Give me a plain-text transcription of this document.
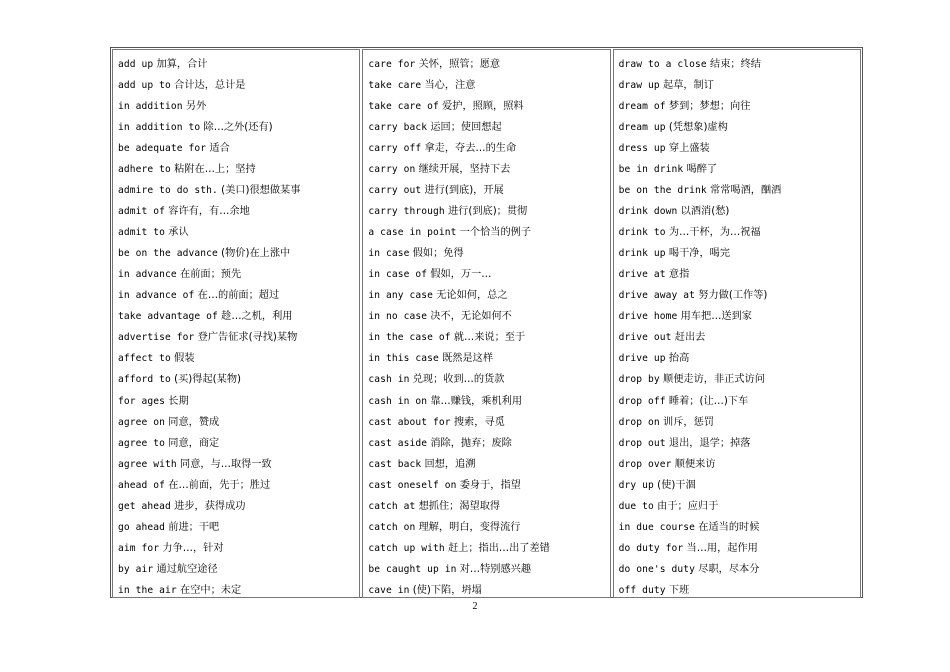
add up 加算，合计
add up to 合计达，总计是
in addition 另外
in addition to 除…之外(还有)
be adequate for 适合
adhere to 粘附在…上；坚持
admire to do sth. (美口)很想做某事
admit of 容许有，有…余地
admit to 承认
be on the advance (物价)在上涨中
in advance 在前面；预先
in advance of 在…的前面；超过
take advantage of 趁…之机，利用
advertise for 登广告征求(寻找)某物
affect to 假装
afford to (买)得起(某物)
for ages 长期
agree on 同意，赞成
agree to 同意，商定
agree with 同意，与…取得一致
ahead of 在…前面，先于；胜过
get ahead 进步，获得成功
go ahead 前进；干吧
aim for 力争…，针对
by air 通过航空途径
in the air 在空中；未定
care for 关怀，照管；愿意
take care 当心，注意
take care of 爱护，照顾，照料
carry back 运回；使回想起
carry off 拿走，夺去…的生命
carry on 继续开展，坚持下去
carry out 进行(到底)，开展
carry through 进行(到底)；贯彻
a case in point 一个恰当的例子
in case 假如；免得
in case of 假如，万一…
in any case 无论如何，总之
in no case 决不，无论如何不
in the case of 就…来说；至于
in this case 既然是这样
cash in 兑现；收到…的货款
cash in on 靠…赚钱，乘机利用
cast about for 搜索，寻觅
cast aside 消除，抛弃；废除
cast back 回想，追溯
cast oneself on 委身于，指望
catch at 想抓住；渴望取得
catch on 理解，明白，变得流行
catch up with 赶上；指出…出了差错
be caught up in 对…特别感兴趣
cave in (使)下陷，坍塌
draw to a close 结束；终结
draw up 起草，制订
dream of 梦到；梦想；向往
dream up (凭想象)虚构
dress up 穿上盛装
be in drink 喝醉了
be on the drink 常常喝酒，酗酒
drink down 以酒消(愁)
drink to 为…干杯，为…祝福
drink up 喝干净，喝完
drive at 意指
drive away at 努力做(工作等)
drive home 用车把…送到家
drive out 赶出去
drive up 抬高
drop by 顺便走访，非正式访问
drop off 睡着；(让…)下车
drop on 训斥，惩罚
drop out 退出，退学；掉落
drop over 顺便来访
dry up (使)干涸
due to 由于；应归于
in due course 在适当的时候
do duty for 当…用，起作用
do one's duty 尽职，尽本分
off duty 下班
2
